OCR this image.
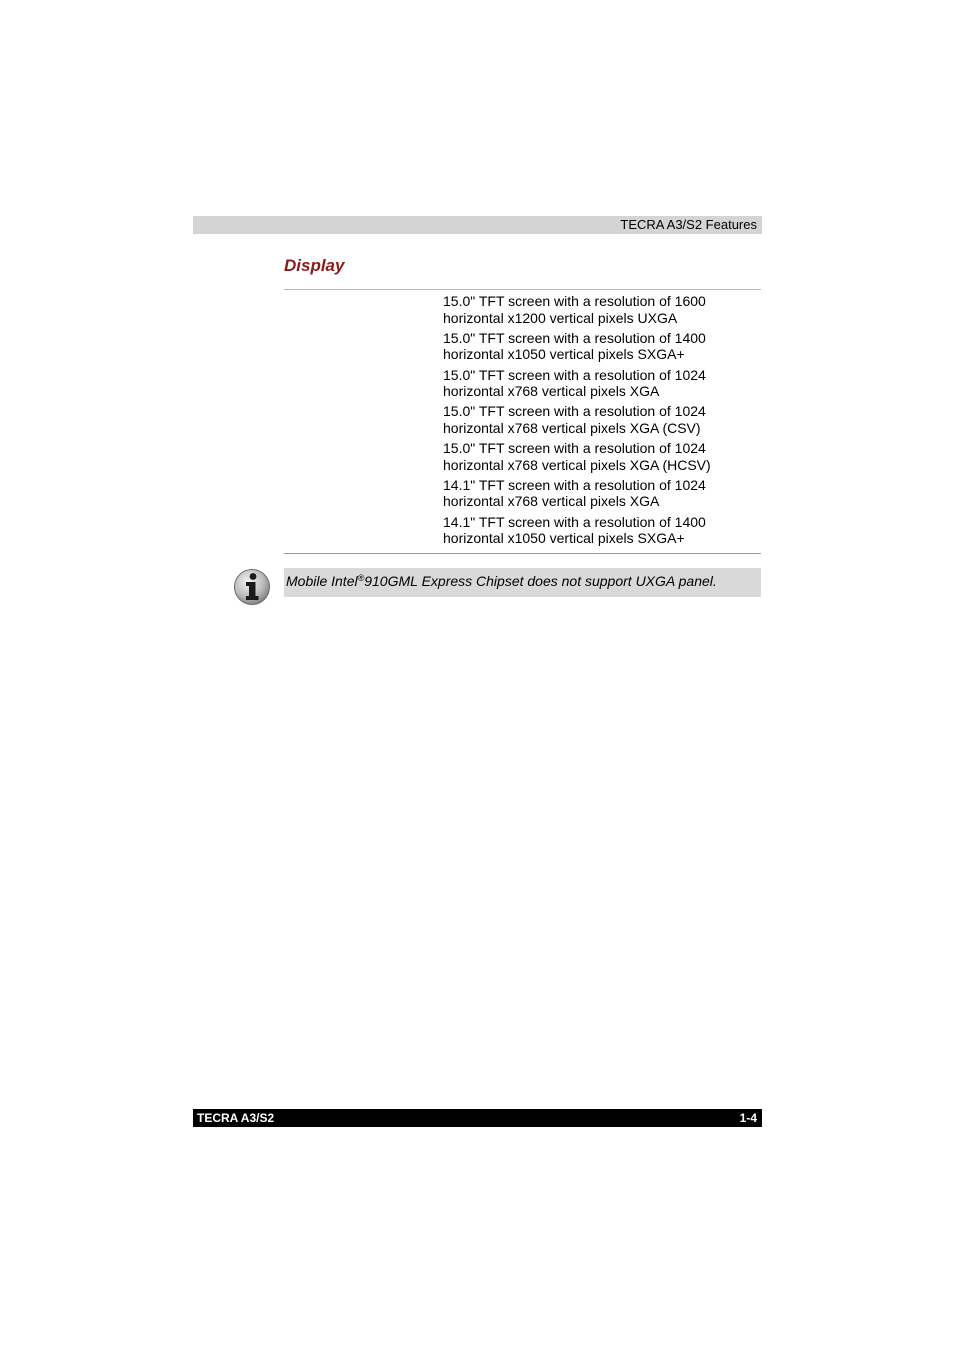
TECRA A3/S2 Features
Display
15.0" TFT screen with a resolution of 1600
horizontal x1200 vertical pixels UXGA
15.0" TFT screen with a resolution of 1400
horizontal x1050 vertical pixels SXGA+
15.0" TFT screen with a resolution of 1024
horizontal x768 vertical pixels XGA
15.0" TFT screen with a resolution of 1024
horizontal x768 vertical pixels XGA (CSV)
15.0" TFT screen with a resolution of 1024
horizontal x768 vertical pixels XGA (HCSV)
14.1" TFT screen with a resolution of 1024
horizontal x768 vertical pixels XGA
14.1" TFT screen with a resolution of 1400
horizontal x1050 vertical pixels SXGA+
Mobile Intel®910GML Express Chipset does not support UXGA panel.
TECRA A3/S2	1-4
